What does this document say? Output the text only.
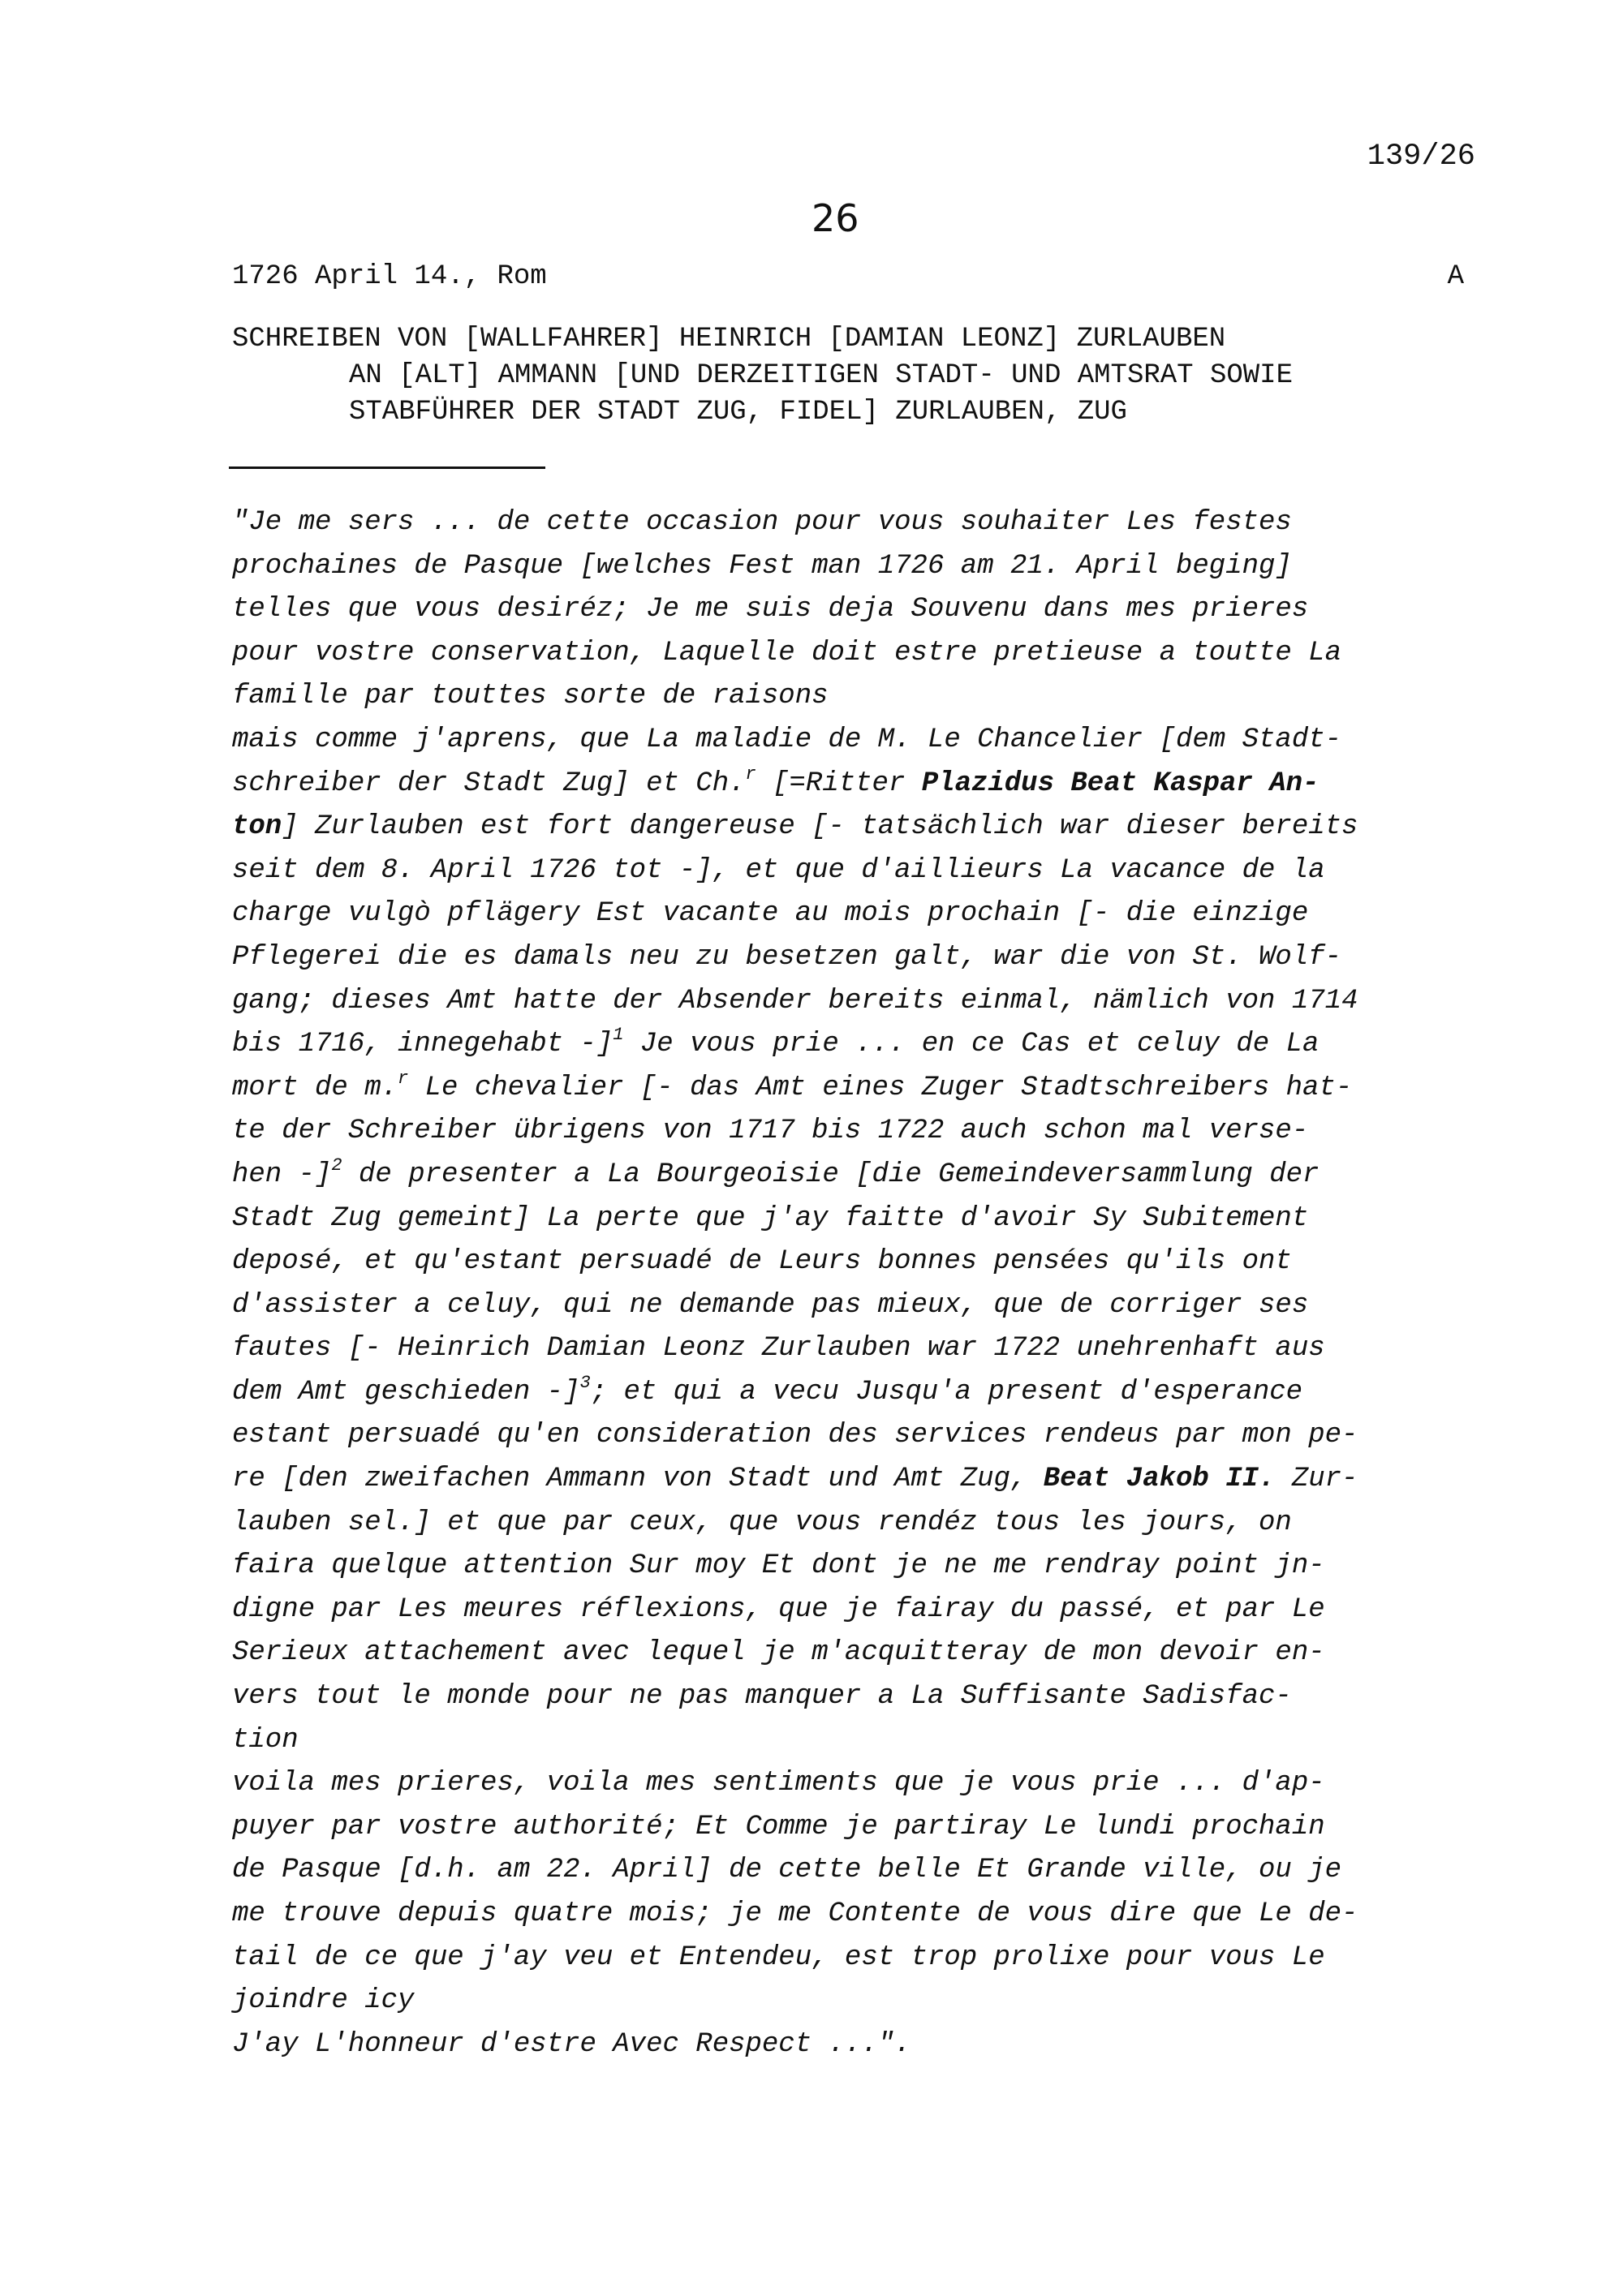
139/26
26
1726 April 14., Rom	A
SCHREIBEN VON [WALLFAHRER] HEINRICH [DAMIAN LEONZ] ZURLAUBEN
AN [ALT] AMMANN [UND DERZEITIGEN STADT- UND AMTSRAT SOWIE
STABFÜHRER DER STADT ZUG, FIDEL] ZURLAUBEN, ZUG
"Je me sers ... de cette occasion pour vous souhaiter Les festes
prochaines de Pasque [welches Fest man 1726 am 21. April beging]
telles que vous desiréz; Je me suis deja Souvenu dans mes prieres
pour vostre conservation, Laquelle doit estre pretieuse a toutte La
famille par touttes sorte de raisons
mais comme j'aprens, que La maladie de M. Le Chancelier [dem Stadt-
schreiber der Stadt Zug] et Ch.$^r$ [=Ritter Plazidus Beat Kaspar An-
ton] Zurlauben est fort dangereuse [- tatsächlich war dieser bereits
seit dem 8. April 1726 tot -], et que d'aillieurs La vacance de la
charge vulgò pflägery Est vacante au mois prochain [- die einzige
Pflegerei die es damals neu zu besetzen galt, war die von St. Wolf-
gang; dieses Amt hatte der Absender bereits einmal, nämlich von 1714
bis 1716, innegehabt -]$^1$ Je vous prie ... en ce Cas et celuy de La
mort de m.$^r$ Le chevalier [- das Amt eines Zuger Stadtschreibers hat-
te der Schreiber übrigens von 1717 bis 1722 auch schon mal verse-
hen -]$^2$ de presenter a La Bourgeoisie [die Gemeindeversammlung der
Stadt Zug gemeint] La perte que j'ay faitte d'avoir Sy Subitement
deposé, et qu'estant persuadé de Leurs bonnes pensées qu'ils ont
d'assister a celuy, qui ne demande pas mieux, que de corriger ses
fautes [- Heinrich Damian Leonz Zurlauben war 1722 unehrenhaft aus
dem Amt geschieden -]$^3$; et qui a vecu Jusqu'a present d'esperance
estant persuadé qu'en consideration des services rendeus par mon pe-
re [den zweifachen Ammann von Stadt und Amt Zug, Beat Jakob II. Zur-
lauben sel.] et que par ceux, que vous rendéz tous les jours, on
faira quelque attention Sur moy Et dont je ne me rendray point jn-
digne par Les meures réflexions, que je fairay du passé, et par Le
Serieux attachement avec lequel je m'acquitteray de mon devoir en-
vers tout le monde pour ne pas manquer a La Suffisante Sadisfac-
tion
voila mes prieres, voila mes sentiments que je vous prie ... d'ap-
puyer par vostre authorité; Et Comme je partiray Le lundi prochain
de Pasque [d.h. am 22. April] de cette belle Et Grande ville, ou je
me trouve depuis quatre mois; je me Contente de vous dire que Le de-
tail de ce que j'ay veu et Entendeu, est trop prolixe pour vous Le
joindre icy
J'ay L'honneur d'estre Avec Respect ...".
